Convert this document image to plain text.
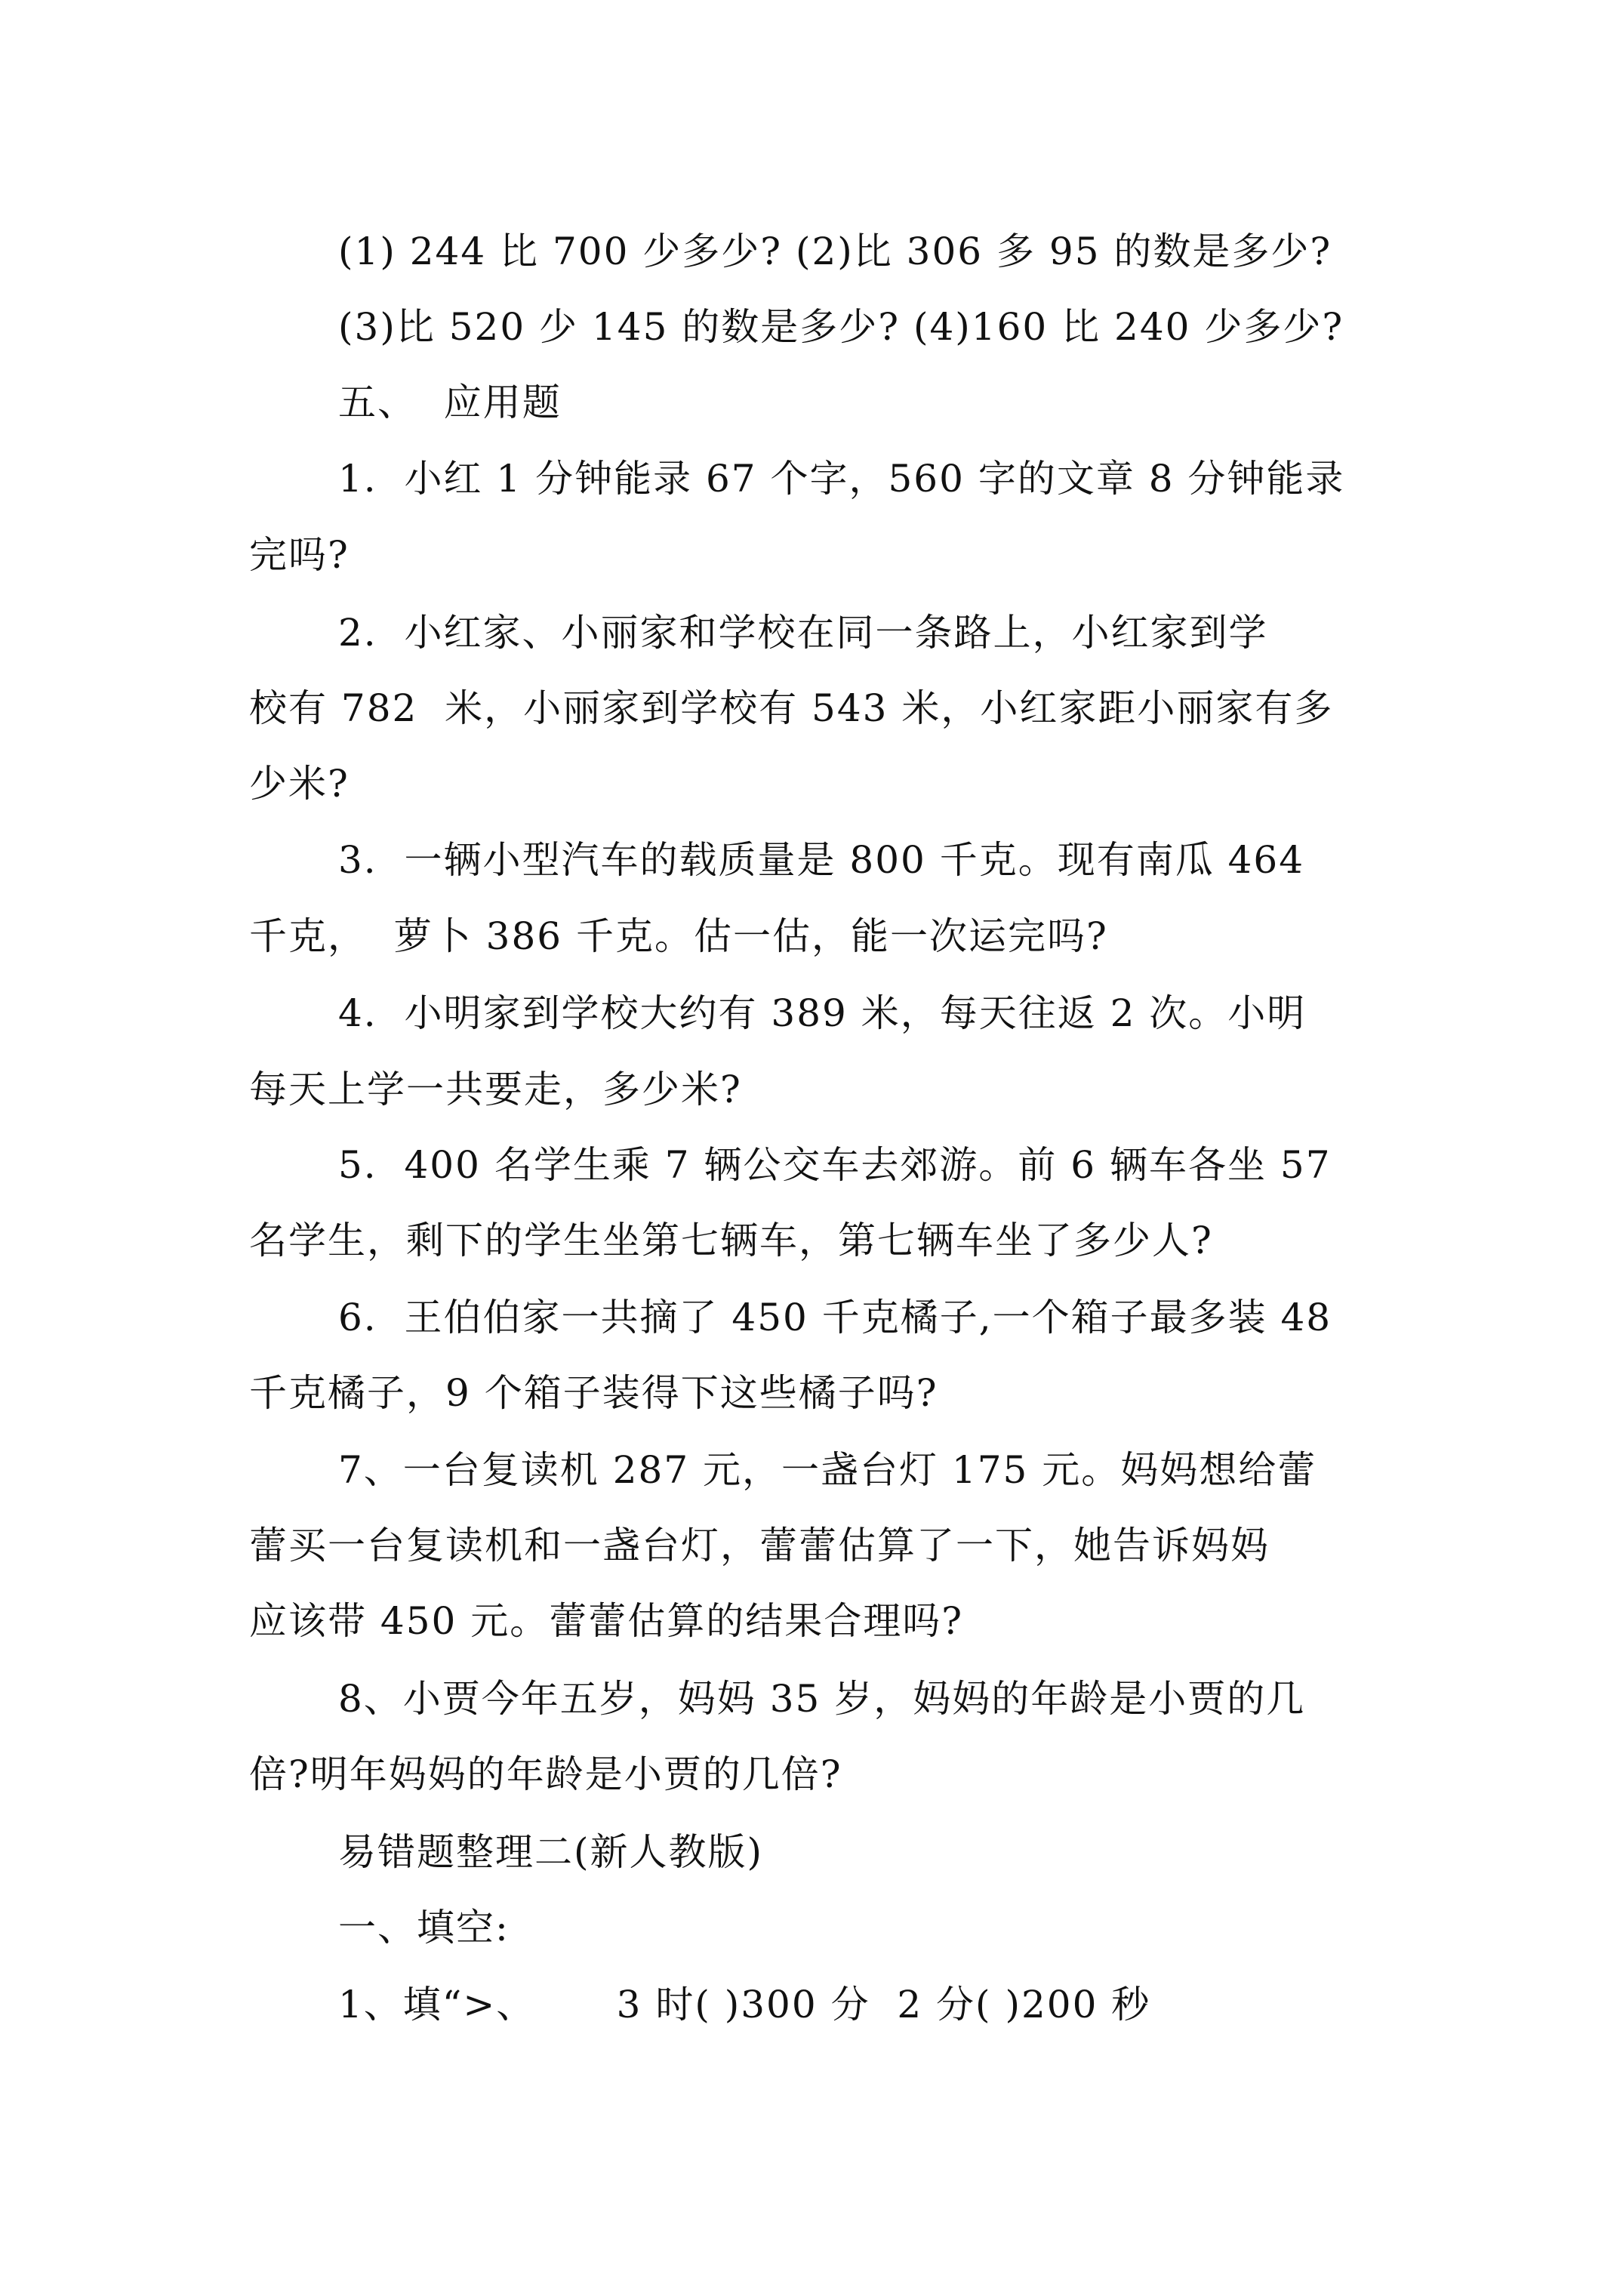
(1) 244 比 700 少多少? (2)比 306 多 95 的数是多少?
(3)比 520 少 145 的数是多少? (4)160 比 240 少多少?
五、  应用题
1.  小红 1 分钟能录 67 个字，560 字的文章 8 分钟能录
完吗?
2.  小红家、小丽家和学校在同一条路上，小红家到学
校有 782  米，小丽家到学校有 543 米，小红家距小丽家有多
少米?
3.  一辆小型汽车的载质量是 800 千克。现有南瓜 464
千克，  萝卜 386 千克。估一估，能一次运完吗?
4.  小明家到学校大约有 389 米，每天往返 2 次。小明
每天上学一共要走，多少米?
5.  400 名学生乘 7 辆公交车去郊游。前 6 辆车各坐 57
名学生，剩下的学生坐第七辆车，第七辆车坐了多少人?
6.  王伯伯家一共摘了 450 千克橘子,一个箱子最多装 48
千克橘子，9 个箱子装得下这些橘子吗?
7、一台复读机 287 元，一盏台灯 175 元。妈妈想给蕾
蕾买一台复读机和一盏台灯，蕾蕾估算了一下，她告诉妈妈
应该带 450 元。蕾蕾估算的结果合理吗?
8、小贾今年五岁，妈妈 35 岁，妈妈的年龄是小贾的几
倍?明年妈妈的年龄是小贾的几倍?
易错题整理二(新人教版)
一、填空:
1、填“>、      3 时( )300 分  2 分( )200 秒
